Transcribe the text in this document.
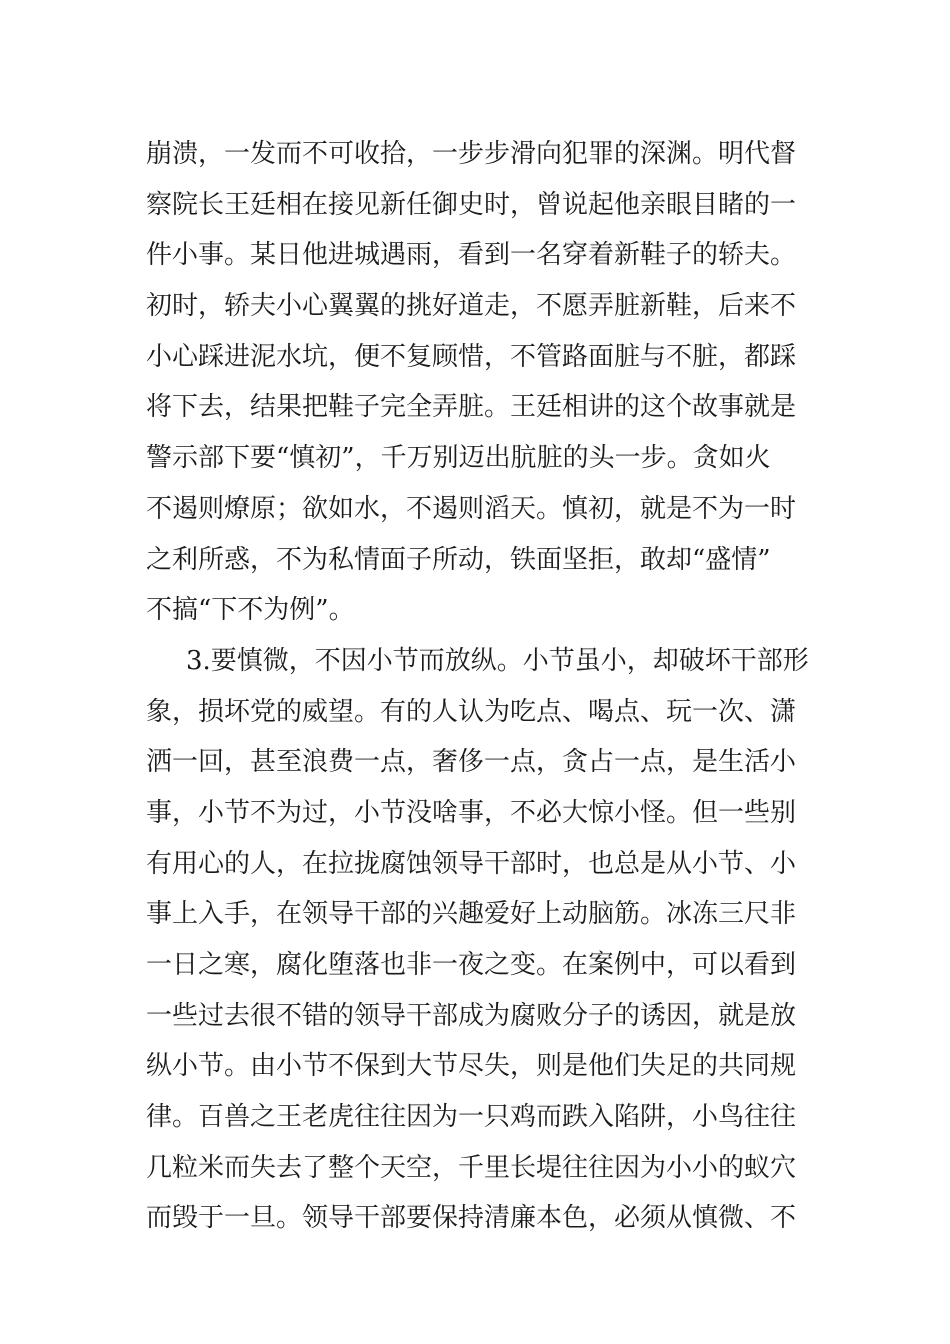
崩溃，一发而不可收拾，一步步滑向犯罪的深渊。明代督
察院长王廷相在接见新任御史时，曾说起他亲眼目睹的一
件小事。某日他进城遇雨，看到一名穿着新鞋子的轿夫。
初时，轿夫小心翼翼的挑好道走，不愿弄脏新鞋，后来不
小心踩进泥水坑，便不复顾惜，不管路面脏与不脏，都踩
将下去，结果把鞋子完全弄脏。王廷相讲的这个故事就是
警示部下要“慎初”，千万别迈出肮脏的头一步。贪如火
不遏则燎原；欲如水，不遏则滔天。慎初，就是不为一时
之利所惑，不为私情面子所动，铁面坚拒，敢却“盛情”
不搞“下不为例”。
3.要慎微，不因小节而放纵。小节虽小，却破坏干部形
象，损坏党的威望。有的人认为吃点、喝点、玩一次、潇
洒一回，甚至浪费一点，奢侈一点，贪占一点，是生活小
事，小节不为过，小节没啥事，不必大惊小怪。但一些别
有用心的人，在拉拢腐蚀领导干部时，也总是从小节、小
事上入手，在领导干部的兴趣爱好上动脑筋。冰冻三尺非
一日之寒，腐化堕落也非一夜之变。在案例中，可以看到
一些过去很不错的领导干部成为腐败分子的诱因，就是放
纵小节。由小节不保到大节尽失，则是他们失足的共同规
律。百兽之王老虎往往因为一只鸡而跌入陷阱，小鸟往往
几粒米而失去了整个天空，千里长堤往往因为小小的蚁穴
而毁于一旦。领导干部要保持清廉本色，必须从慎微、不
